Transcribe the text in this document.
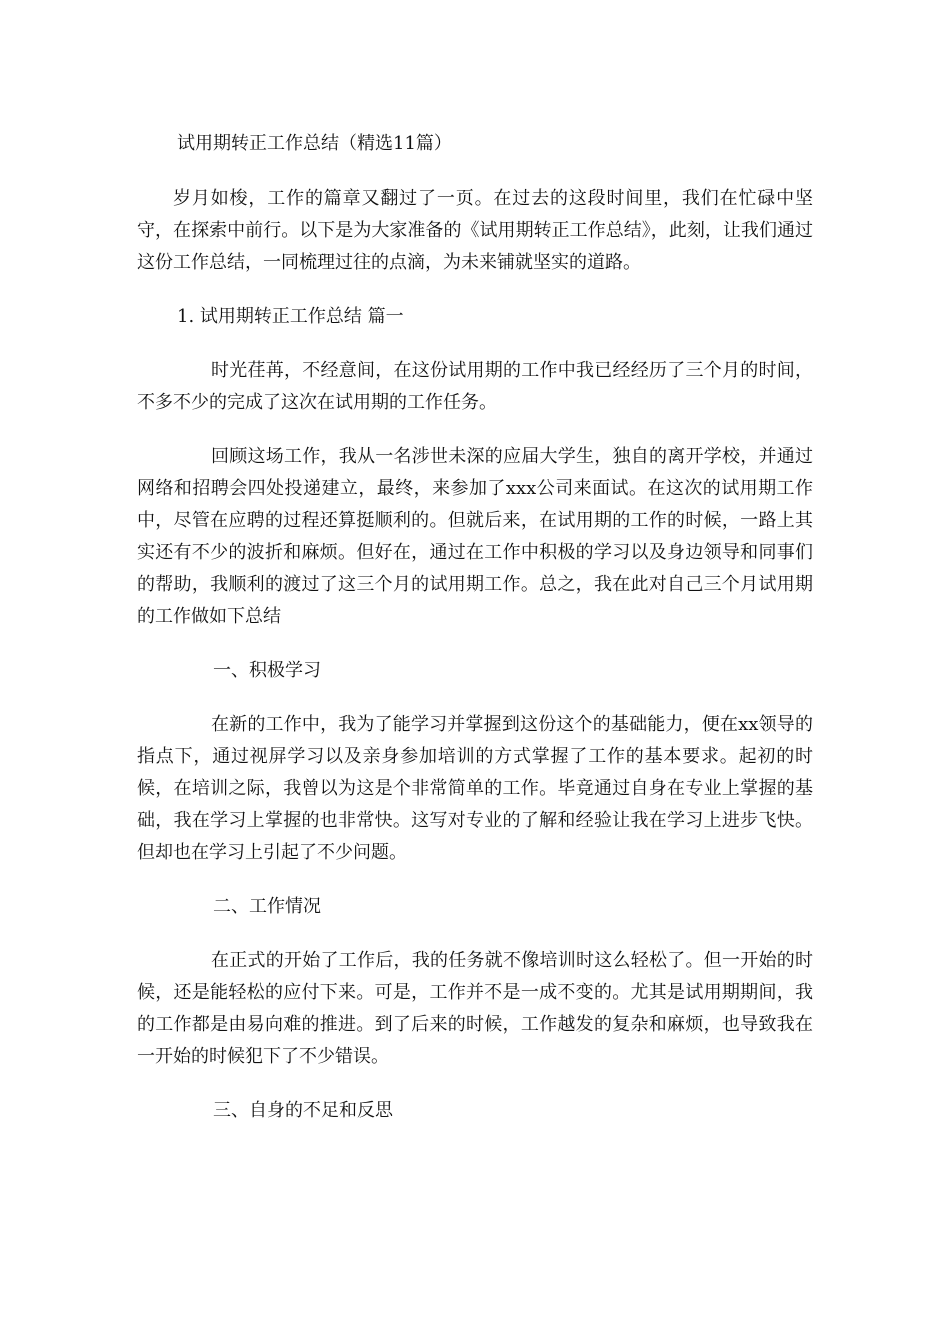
试用期转正工作总结（精选11篇）

岁月如梭，工作的篇章又翻过了一页。在过去的这段时间里，我们在忙碌中坚守，在探索中前行。以下是为大家准备的《试用期转正工作总结》，此刻，让我们通过这份工作总结，一同梳理过往的点滴，为未来铺就坚实的道路。

1. 试用期转正工作总结 篇一

时光荏苒，不经意间，在这份试用期的工作中我已经经历了三个月的时间，不多不少的完成了这次在试用期的工作任务。

回顾这场工作，我从一名涉世未深的应届大学生，独自的离开学校，并通过网络和招聘会四处投递建立，最终，来参加了xxx公司来面试。在这次的试用期工作中，尽管在应聘的过程还算挺顺利的。但就后来，在试用期的工作的时候，一路上其实还有不少的波折和麻烦。但好在，通过在工作中积极的学习以及身边领导和同事们的帮助，我顺利的渡过了这三个月的试用期工作。总之，我在此对自己三个月试用期的工作做如下总结

一、积极学习

在新的工作中，我为了能学习并掌握到这份这个的基础能力，便在xx领导的指点下，通过视屏学习以及亲身参加培训的方式掌握了工作的基本要求。起初的时候，在培训之际，我曾以为这是个非常简单的工作。毕竟通过自身在专业上掌握的基础，我在学习上掌握的也非常快。这写对专业的了解和经验让我在学习上进步飞快。但却也在学习上引起了不少问题。

二、工作情况

在正式的开始了工作后，我的任务就不像培训时这么轻松了。但一开始的时候，还是能轻松的应付下来。可是，工作并不是一成不变的。尤其是试用期期间，我的工作都是由易向难的推进。到了后来的时候，工作越发的复杂和麻烦，也导致我在一开始的时候犯下了不少错误。

三、自身的不足和反思
